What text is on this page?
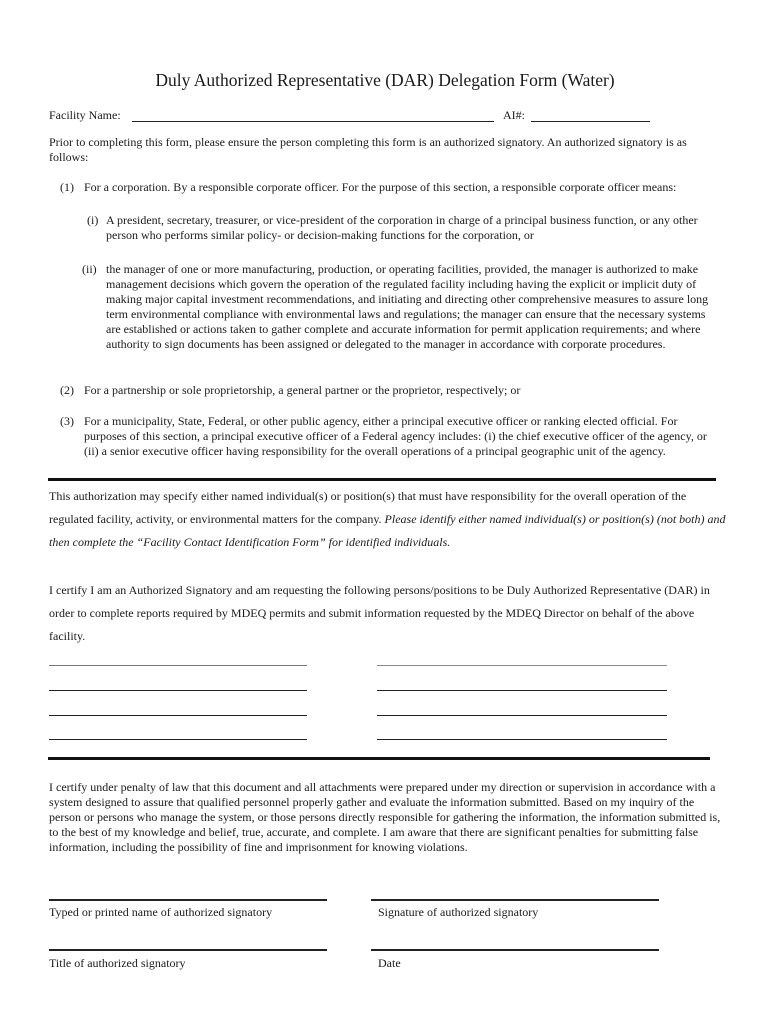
Duly Authorized Representative (DAR) Delegation Form (Water)
Facility Name:	AI#:
Prior to completing this form, please ensure the person completing this form is an authorized signatory. An authorized signatory is as follows:
(1) For a corporation. By a responsible corporate officer. For the purpose of this section, a responsible corporate officer means:
(i) A president, secretary, treasurer, or vice-president of the corporation in charge of a principal business function, or any other person who performs similar policy- or decision-making functions for the corporation, or
(ii) the manager of one or more manufacturing, production, or operating facilities, provided, the manager is authorized to make management decisions which govern the operation of the regulated facility including having the explicit or implicit duty of making major capital investment recommendations, and initiating and directing other comprehensive measures to assure long term environmental compliance with environmental laws and regulations; the manager can ensure that the necessary systems are established or actions taken to gather complete and accurate information for permit application requirements; and where authority to sign documents has been assigned or delegated to the manager in accordance with corporate procedures.
(2) For a partnership or sole proprietorship, a general partner or the proprietor, respectively; or
(3) For a municipality, State, Federal, or other public agency, either a principal executive officer or ranking elected official. For purposes of this section, a principal executive officer of a Federal agency includes: (i) the chief executive officer of the agency, or (ii) a senior executive officer having responsibility for the overall operations of a principal geographic unit of the agency.
This authorization may specify either named individual(s) or position(s) that must have responsibility for the overall operation of the regulated facility, activity, or environmental matters for the company. Please identify either named individual(s) or position(s) (not both) and then complete the “Facility Contact Identification Form” for identified individuals.
I certify I am an Authorized Signatory and am requesting the following persons/positions to be Duly Authorized Representative (DAR) in order to complete reports required by MDEQ permits and submit information requested by the MDEQ Director on behalf of the above facility.
I certify under penalty of law that this document and all attachments were prepared under my direction or supervision in accordance with a system designed to assure that qualified personnel properly gather and evaluate the information submitted. Based on my inquiry of the person or persons who manage the system, or those persons directly responsible for gathering the information, the information submitted is, to the best of my knowledge and belief, true, accurate, and complete. I am aware that there are significant penalties for submitting false information, including the possibility of fine and imprisonment for knowing violations.
Typed or printed name of authorized signatory	Signature of authorized signatory
Title of authorized signatory	Date
